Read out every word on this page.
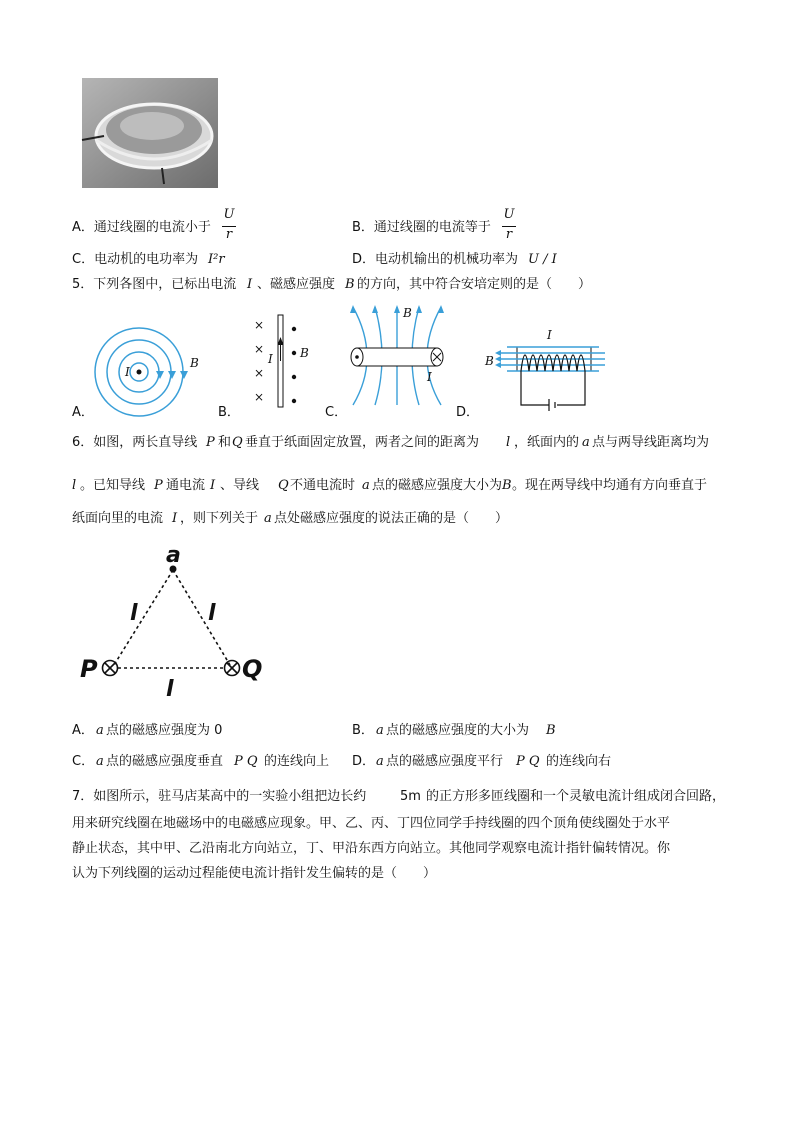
A．通过线圈的电流小于
U
r	B．通过线圈的电流等于
U
r
C．电动机的电功率为 I²r	D．电动机输出的机械功率为 U / I
5．下列各图中，已标出电流 I 、磁感应强度 B 的方向，其中符合安培定则的是（　　）
I
B
A．
×
×
×
×
I B
B．
B
I
C．
I
B
D．
6．如图，两长直导线 P 和 Q 垂直于纸面固定放置，两者之间的距离为 l ，纸面内的 a 点与两导线距离均为
l 。已知导线 P 通电流 I 、导线 Q 不通电流时 a 点的磁感应强度大小为 B 。现在两导线中均通有方向垂直于
纸面向里的电流 I ，则下列关于 a 点处磁感应强度的说法正确的是（　　）
a
l	l
P	Q
l
A． a 点的磁感应强度为 0	B． a 点的磁感应强度的大小为 B
C． a 点的磁感应强度垂直 P Q 的连线向上 D． a 点的磁感应强度平行 P Q 的连线向右
7．如图所示，驻马店某高中的一实验小组把边长约	5m 的正方形多匝线圈和一个灵敏电流计组成闭合回路，
用来研究线圈在地磁场中的电磁感应现象。甲、乙、丙、丁四位同学手持线圈的四个顶角使线圈处于水平
静止状态，其中甲、乙沿南北方向站立，丁、甲沿东西方向站立。其他同学观察电流计指针偏转情况。你
认为下列线圈的运动过程能使电流计指针发生偏转的是（　　）
